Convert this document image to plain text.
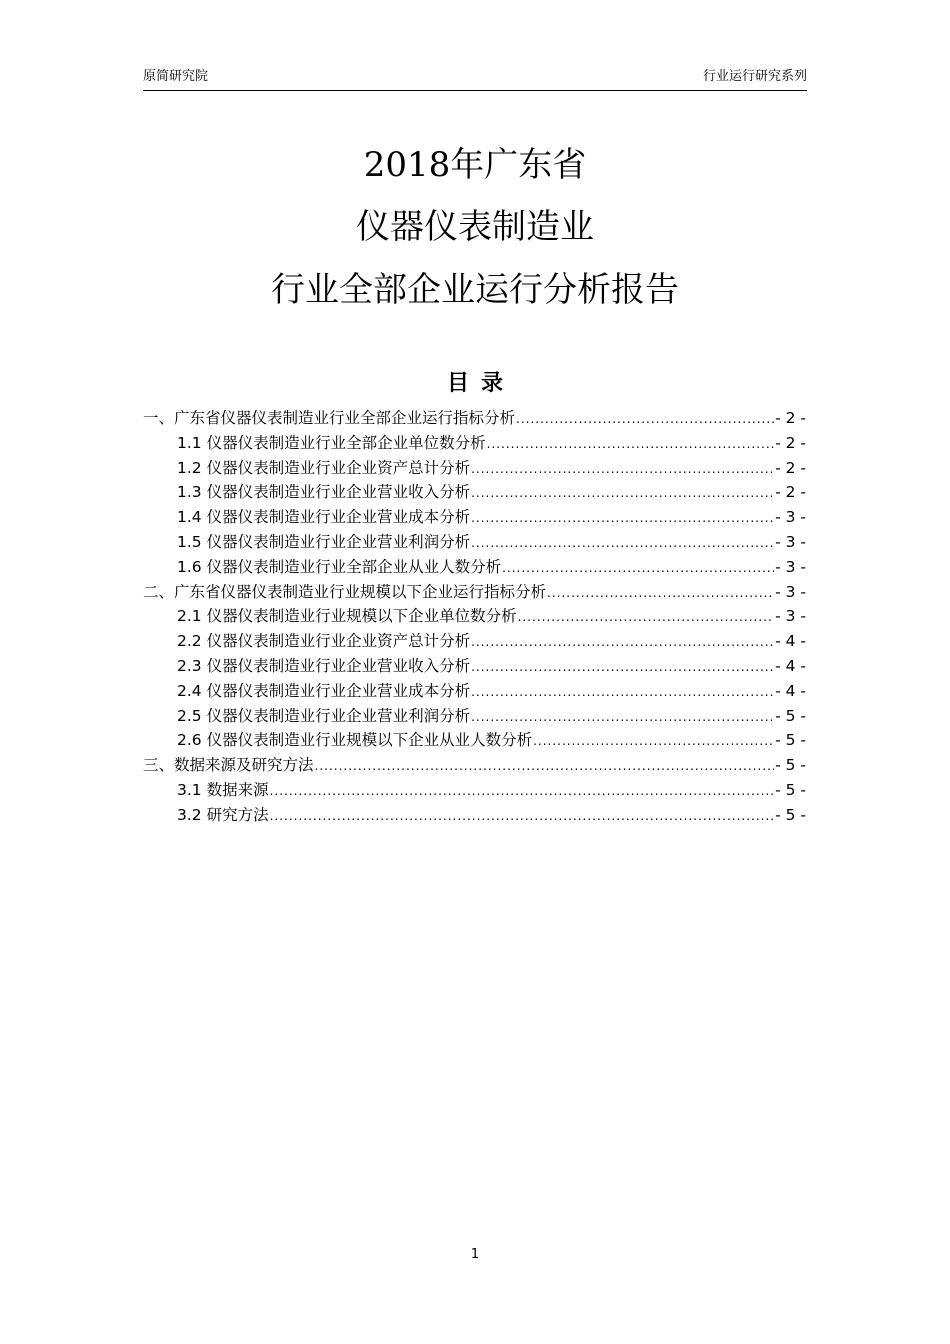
原简研究院	行业运行研究系列
2018年广东省
仪器仪表制造业
行业全部企业运行分析报告
目录
一、广东省仪器仪表制造业行业全部企业运行指标分析 .....	- 2 -
1.1 仪器仪表制造业行业全部企业单位数分析 .....	- 2 -
1.2 仪器仪表制造业行业企业资产总计分析 .....	- 2 -
1.3 仪器仪表制造业行业企业营业收入分析 .....	- 2 -
1.4 仪器仪表制造业行业企业营业成本分析 .....	- 3 -
1.5 仪器仪表制造业行业企业营业利润分析 .....	- 3 -
1.6 仪器仪表制造业行业全部企业从业人数分析 .....	- 3 -
二、广东省仪器仪表制造业行业规模以下企业运行指标分析 .....	- 3 -
2.1 仪器仪表制造业行业规模以下企业单位数分析 .....	- 3 -
2.2 仪器仪表制造业行业企业资产总计分析 .....	- 4 -
2.3 仪器仪表制造业行业企业营业收入分析 .....	- 4 -
2.4 仪器仪表制造业行业企业营业成本分析 .....	- 4 -
2.5 仪器仪表制造业行业企业营业利润分析 .....	- 5 -
2.6 仪器仪表制造业行业规模以下企业从业人数分析 .....	- 5 -
三、数据来源及研究方法 .....	- 5 -
3.1 数据来源 .....	- 5 -
3.2 研究方法 .....	- 5 -
1
